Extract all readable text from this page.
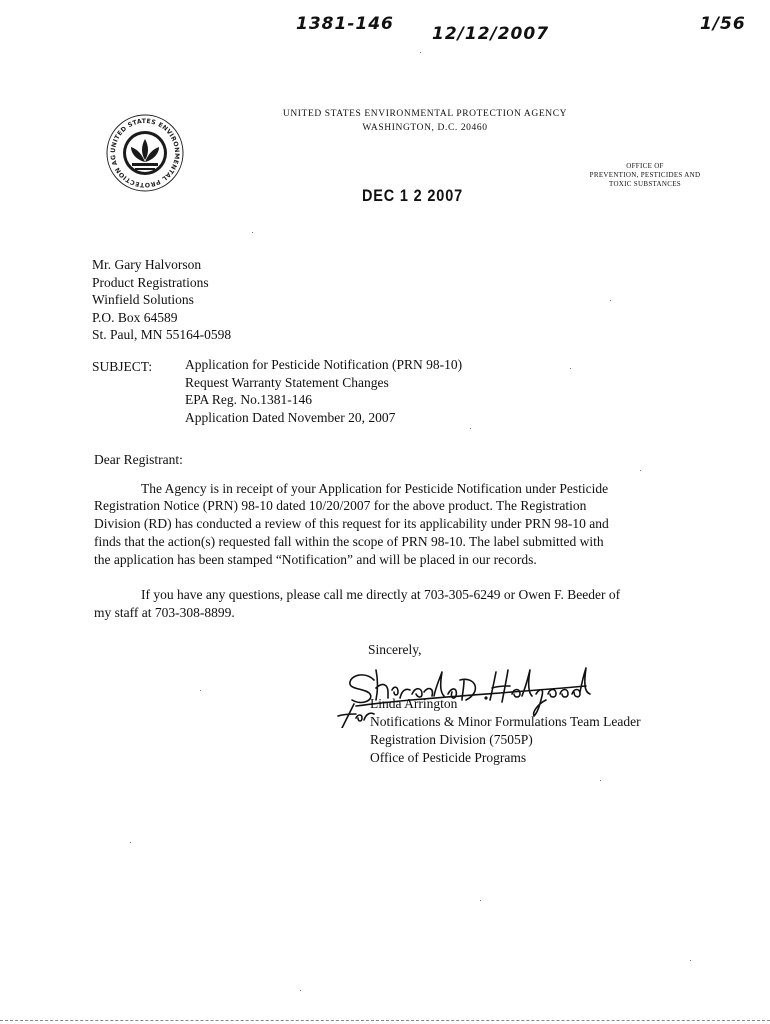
1381-146 12/12/2007	1/56
UNITED STATES ENVIRONMENTAL PROTECTION AG
UNITED STATES ENVIRONMENTAL PROTECTION AGENCY
WASHINGTON, D.C. 20460
OFFICE OF
PREVENTION, PESTICIDES AND
TOXIC SUBSTANCES
DEC 1 2 2007
Mr. Gary Halvorson
Product Registrations
Winfield Solutions
P.O. Box 64589
St. Paul, MN 55164-0598
SUBJECT: Application for Pesticide Notification (PRN 98-10)
Request Warranty Statement Changes
EPA Reg. No.1381-146
Application Dated November 20, 2007
Dear Registrant:
The Agency is in receipt of your Application for Pesticide Notification under Pesticide
Registration Notice (PRN) 98-10 dated 10/20/2007 for the above product. The Registration
Division (RD) has conducted a review of this request for its applicability under PRN 98-10 and
finds that the action(s) requested fall within the scope of PRN 98-10. The label submitted with
the application has been stamped “Notification” and will be placed in our records.
If you have any questions, please call me directly at 703-305-6249 or Owen F. Beeder of
my staff at 703-308-8899.
Sincerely,
Linda Arrington
Notifications & Minor Formulations Team Leader
Registration Division (7505P)
Office of Pesticide Programs
